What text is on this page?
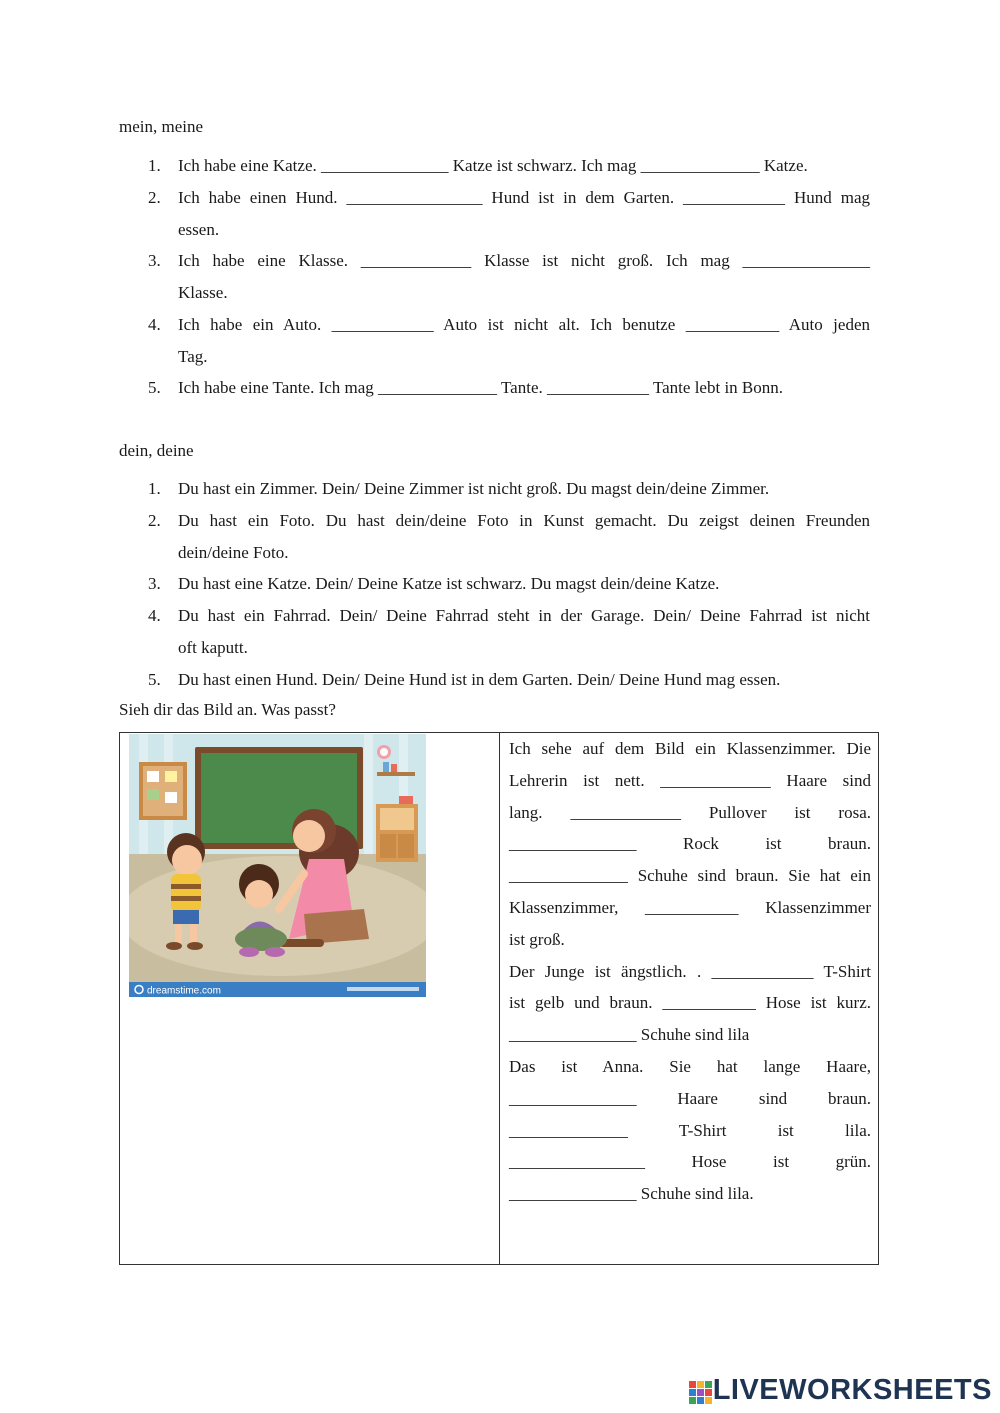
mein, meine
1. Ich habe eine Katze. _______________ Katze ist schwarz. Ich mag ______________ Katze.
2. Ich habe einen Hund. ________________ Hund ist in dem Garten. ____________ Hund mag
essen.
3. Ich habe eine Klasse. _____________ Klasse ist nicht groß. Ich mag _______________
Klasse.
4. Ich habe ein Auto. ____________ Auto ist nicht alt. Ich benutze ___________ Auto jeden
Tag.
5. Ich habe eine Tante. Ich mag ______________ Tante. ____________ Tante lebt in Bonn.
dein, deine
1. Du hast ein Zimmer. Dein/ Deine Zimmer ist nicht groß. Du magst dein/deine Zimmer.
2. Du hast ein Foto. Du hast dein/deine Foto in Kunst gemacht. Du zeigst deinen Freunden
dein/deine Foto.
3. Du hast eine Katze. Dein/ Deine Katze ist schwarz. Du magst dein/deine Katze.
4. Du hast ein Fahrrad. Dein/ Deine Fahrrad steht in der Garage. Dein/ Deine Fahrrad ist nicht
oft kaputt.
5. Du hast einen Hund. Dein/ Deine Hund ist in dem Garten. Dein/ Deine Hund mag essen.
Sieh dir das Bild an. Was passt?
dreamstime.com
Ich sehe auf dem Bild ein Klassenzimmer. Die
Lehrerin ist nett. _____________ Haare sind
lang. _____________ Pullover ist rosa.
_______________ Rock ist braun.
______________ Schuhe sind braun. Sie hat ein
Klassenzimmer, ___________ Klassenzimmer
ist groß.
Der Junge ist ängstlich. . ____________ T-Shirt
ist gelb und braun. ___________ Hose ist kurz.
_______________ Schuhe sind lila
Das ist Anna. Sie hat lange Haare,
_______________ Haare sind braun.
______________ T-Shirt ist lila.
________________ Hose ist grün.
_______________ Schuhe sind lila.
LIVEWORKSHEETS
